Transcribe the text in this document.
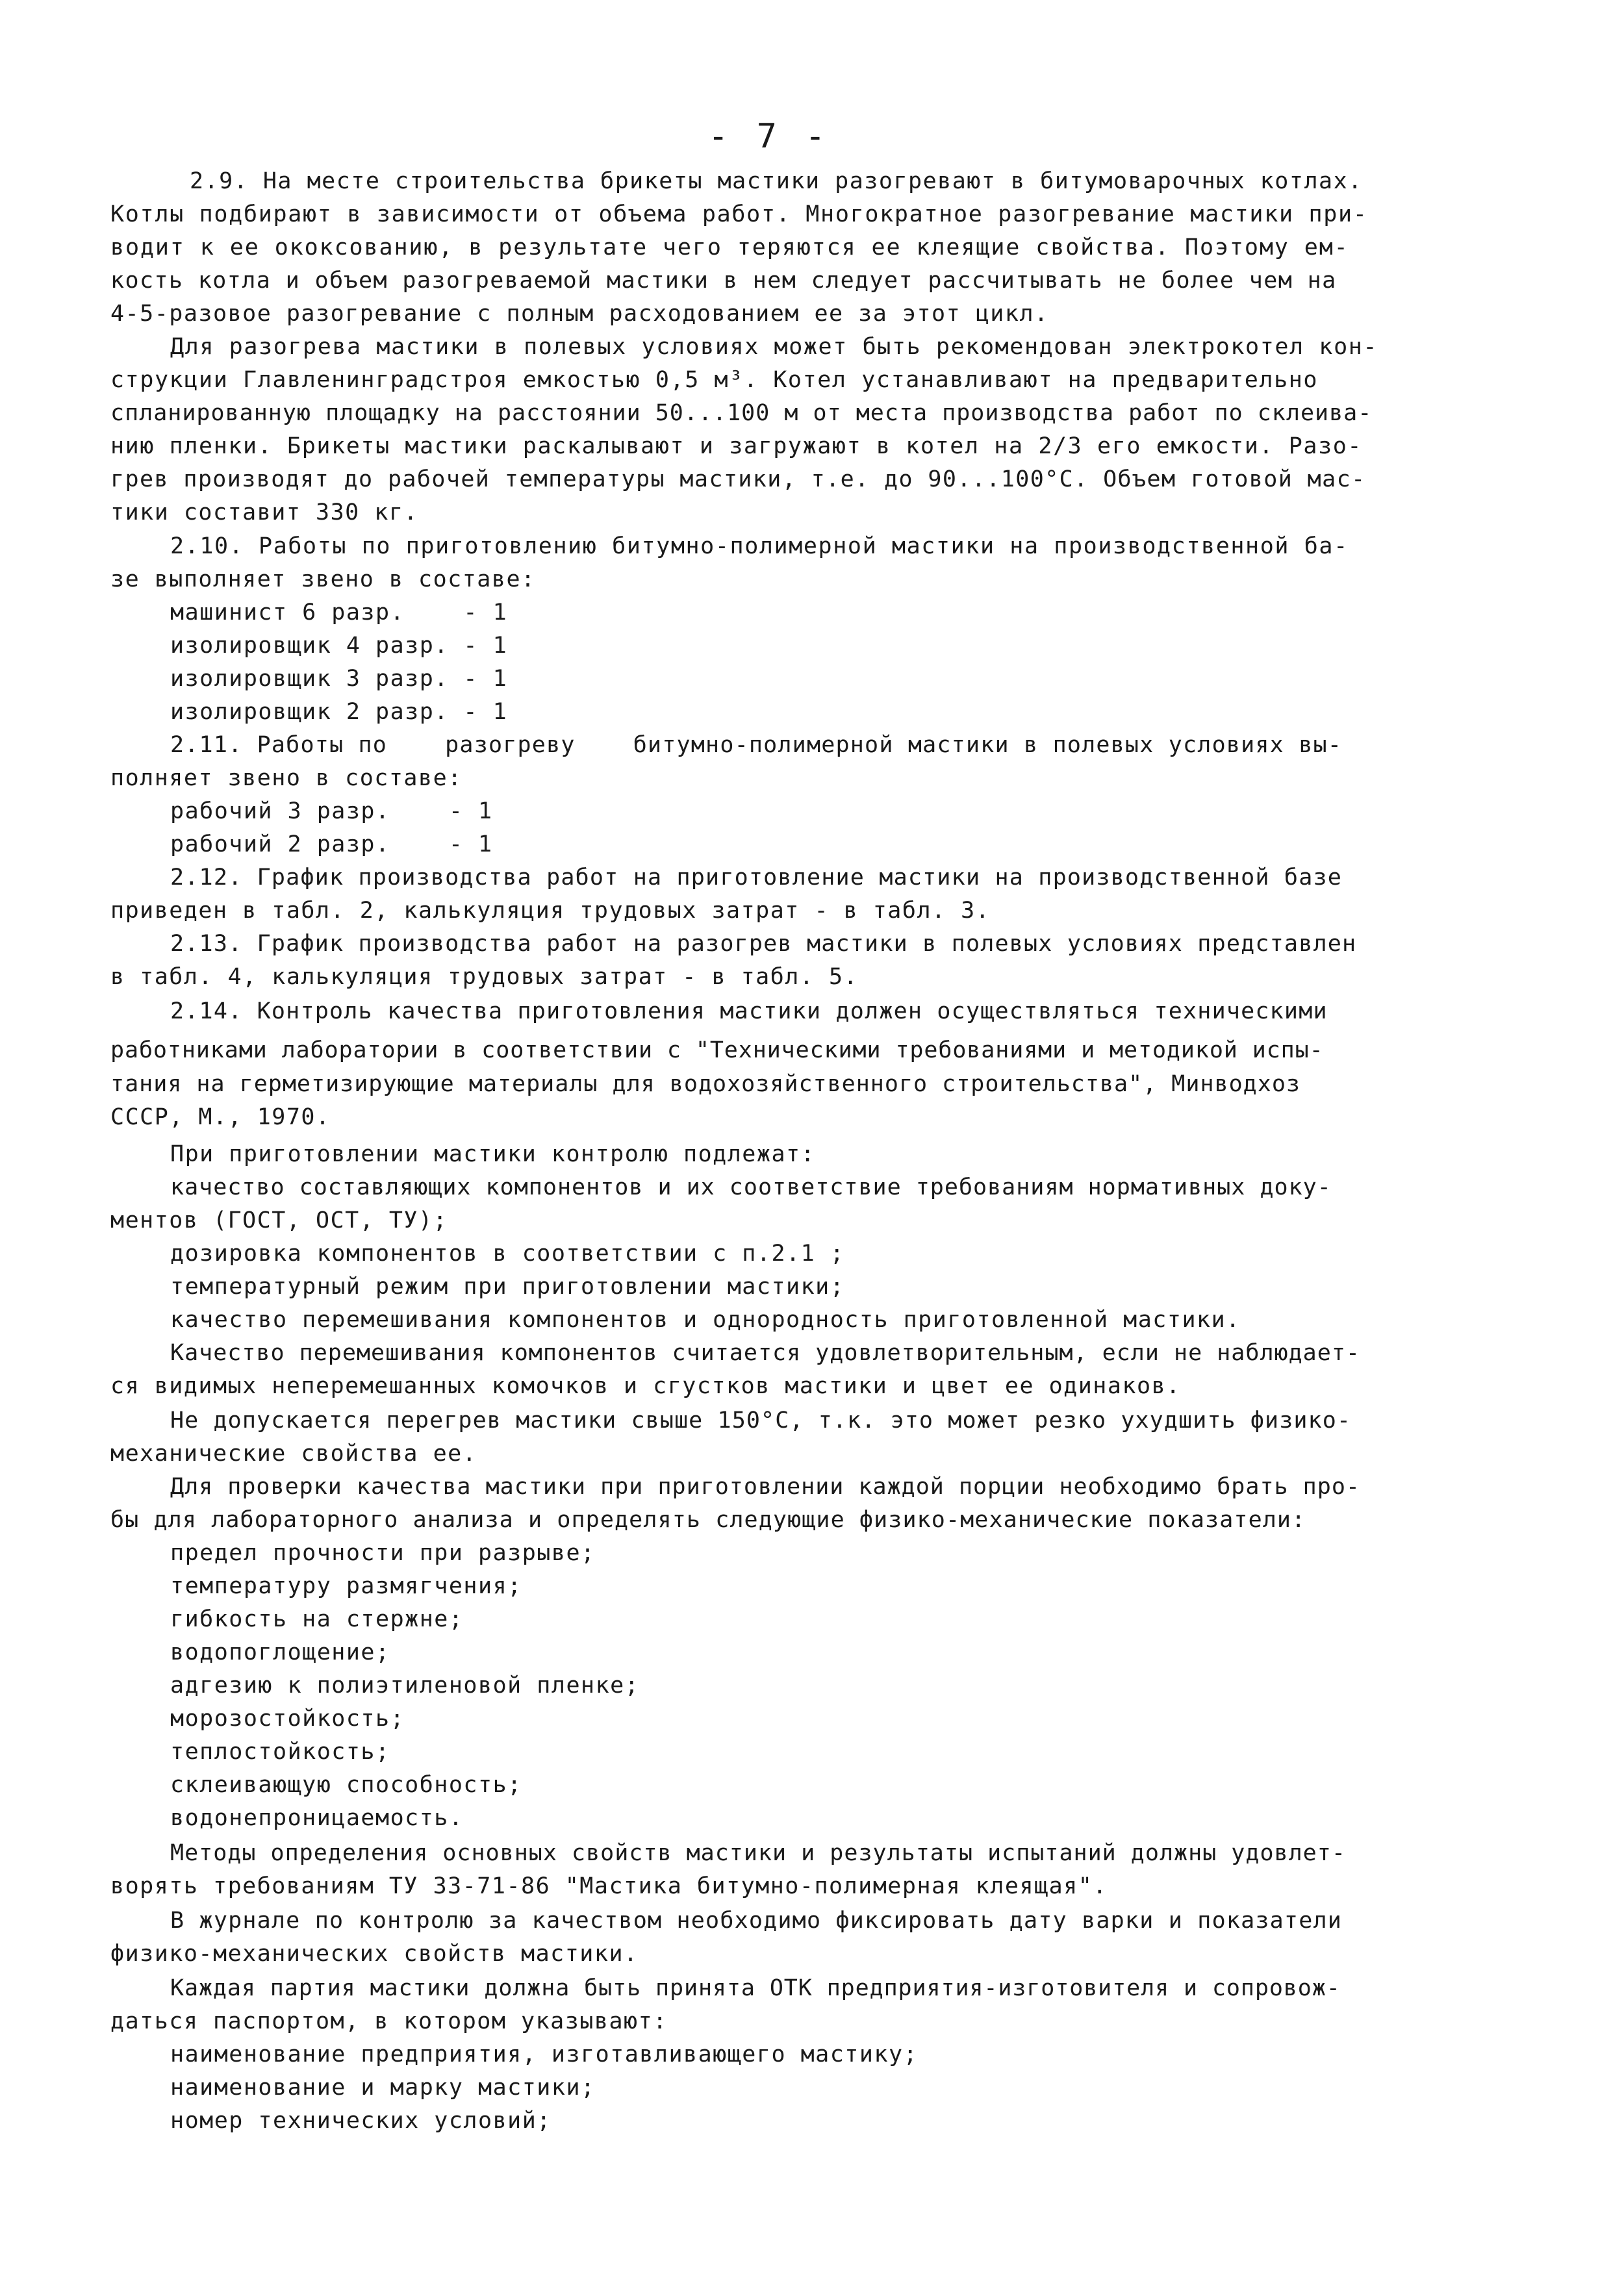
- 7 -
2.9. На месте строительства брикеты мастики разогревают в битумоварочных котлах.
Котлы подбирают в зависимости от объема работ. Многократное разогревание мастики при-
водит к ее ококсованию, в результате чего теряются ее клеящие свойства. Поэтому ем-
кость котла и объем разогреваемой мастики в нем следует рассчитывать не более чем на
4-5-разовое разогревание с полным расходованием ее за этот цикл.
Для разогрева мастики в полевых условиях может быть рекомендован электрокотел кон-
струкции Главленинградстроя емкостью 0,5 м³. Котел устанавливают на предварительно
спланированную площадку на расстоянии 50...100 м от места производства работ по склеива-
нию пленки. Брикеты мастики раскалывают и загружают в котел на 2/3 его емкости. Разо-
грев производят до рабочей температуры мастики, т.е. до 90...100°С. Объем готовой мас-
тики составит 330 кг.
2.10. Работы по приготовлению битумно-полимерной мастики на производственной ба-
зе выполняет звено в составе:
машинист 6 разр.    - 1
изолировщик 4 разр. - 1
изолировщик 3 разр. - 1
изолировщик 2 разр. - 1
2.11. Работы по    разогреву    битумно-полимерной мастики в полевых условиях вы-
полняет звено в составе:
рабочий 3 разр.    - 1
рабочий 2 разр.    - 1
2.12. График производства работ на приготовление мастики на производственной базе
приведен в табл. 2, калькуляция трудовых затрат - в табл. 3.
2.13. График производства работ на разогрев мастики в полевых условиях представлен
в табл. 4, калькуляция трудовых затрат - в табл. 5.
2.14. Контроль качества приготовления мастики должен осуществляться техническими
работниками лаборатории в соответствии с "Техническими требованиями и методикой испы-
тания на герметизирующие материалы для водохозяйственного строительства", Минводхоз
СССР, М., 1970.
При приготовлении мастики контролю подлежат:
качество составляющих компонентов и их соответствие требованиям нормативных доку-
ментов (ГОСТ, ОСТ, ТУ);
дозировка компонентов в соответствии с п.2.1 ;
температурный режим при приготовлении мастики;
качество перемешивания компонентов и однородность приготовленной мастики.
Качество перемешивания компонентов считается удовлетворительным, если не наблюдает-
ся видимых неперемешанных комочков и сгустков мастики и цвет ее одинаков.
Не допускается перегрев мастики свыше 150°С, т.к. это может резко ухудшить физико-
механические свойства ее.
Для проверки качества мастики при приготовлении каждой порции необходимо брать про-
бы для лабораторного анализа и определять следующие физико-механические показатели:
предел прочности при разрыве;
температуру размягчения;
гибкость на стержне;
водопоглощение;
адгезию к полиэтиленовой пленке;
морозостойкость;
теплостойкость;
склеивающую способность;
водонепроницаемость.
Методы определения основных свойств мастики и результаты испытаний должны удовлет-
ворять требованиям ТУ 33-71-86 "Мастика битумно-полимерная клеящая".
В журнале по контролю за качеством необходимо фиксировать дату варки и показатели
физико-механических свойств мастики.
Каждая партия мастики должна быть принята ОТК предприятия-изготовителя и сопровож-
даться паспортом, в котором указывают:
наименование предприятия, изготавливающего мастику;
наименование и марку мастики;
номер технических условий;
